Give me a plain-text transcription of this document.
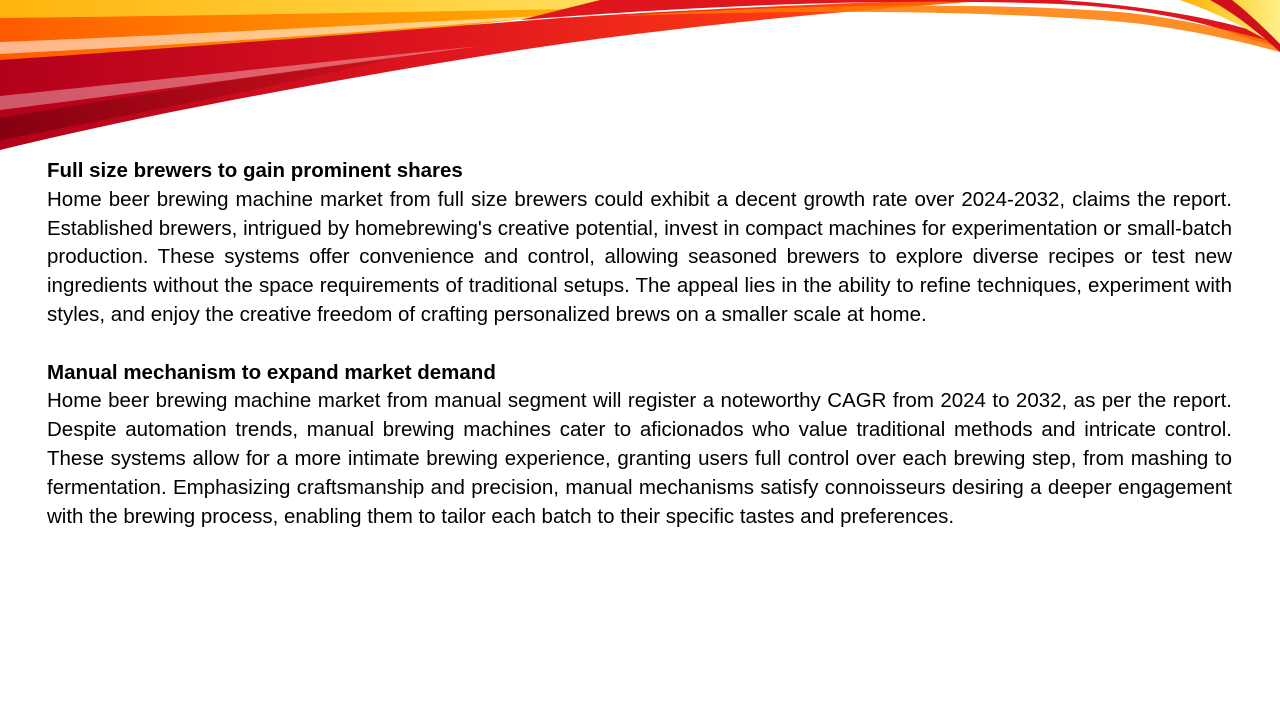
Full size brewers to gain prominent shares

Home beer brewing machine market from full size brewers could exhibit a decent growth rate over 2024-2032, claims the report. Established brewers, intrigued by homebrewing's creative potential, invest in compact machines for experimentation or small-batch production. These systems offer convenience and control, allowing seasoned brewers to explore diverse recipes or test new ingredients without the space requirements of traditional setups. The appeal lies in the ability to refine techniques, experiment with styles, and enjoy the creative freedom of crafting personalized brews on a smaller scale at home.

Manual mechanism to expand market demand

Home beer brewing machine market from manual segment will register a noteworthy CAGR from 2024 to 2032, as per the report. Despite automation trends, manual brewing machines cater to aficionados who value traditional methods and intricate control. These systems allow for a more intimate brewing experience, granting users full control over each brewing step, from mashing to fermentation. Emphasizing craftsmanship and precision, manual mechanisms satisfy connoisseurs desiring a deeper engagement with the brewing process, enabling them to tailor each batch to their specific tastes and preferences.
